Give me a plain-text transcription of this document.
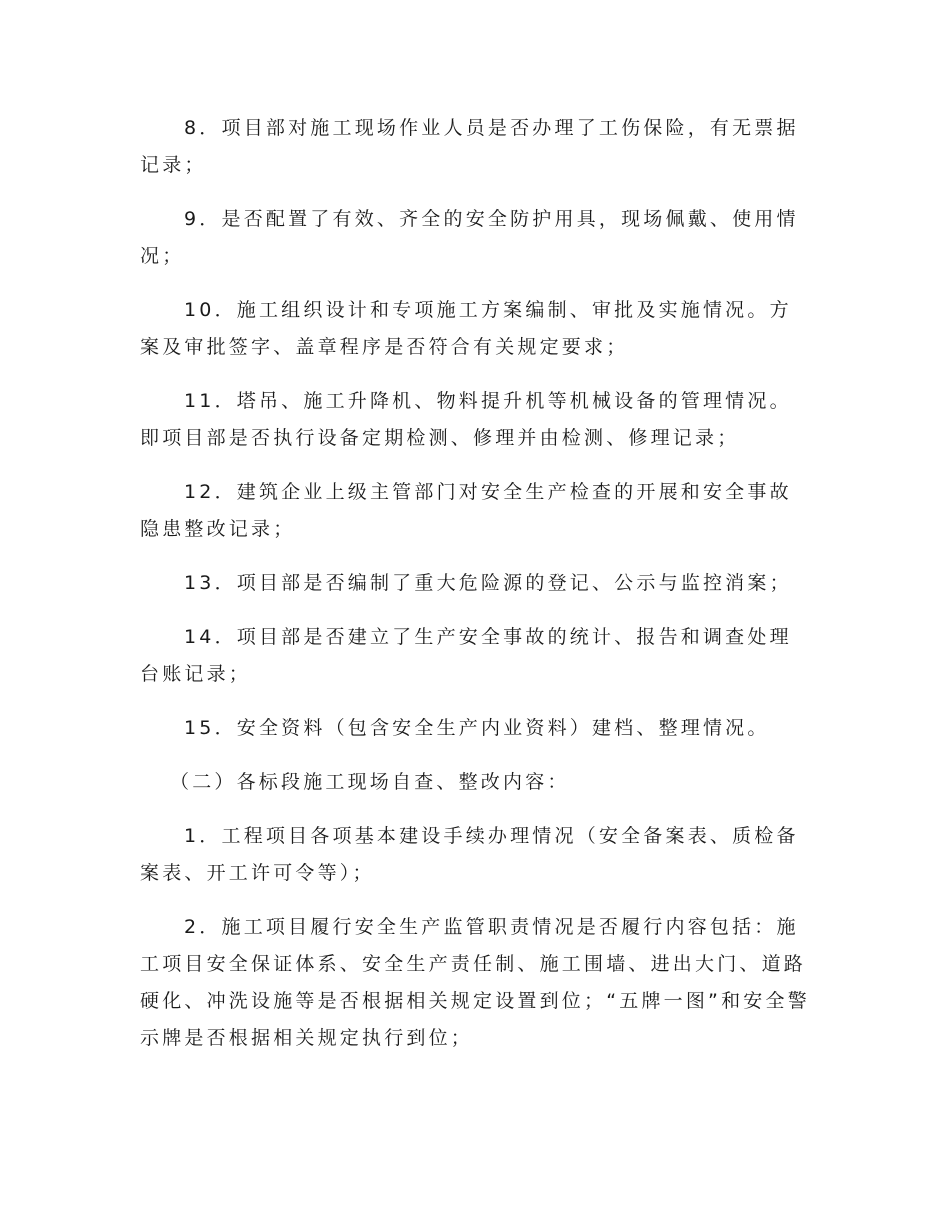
8．项目部对施工现场作业人员是否办理了工伤保险，有无票据记录；

9．是否配置了有效、齐全的安全防护用具，现场佩戴、使用情况；

10．施工组织设计和专项施工方案编制、审批及实施情况。方案及审批签字、盖章程序是否符合有关规定要求；

11．塔吊、施工升降机、物料提升机等机械设备的管理情况。即项目部是否执行设备定期检测、修理并由检测、修理记录；

12．建筑企业上级主管部门对安全生产检查的开展和安全事故隐患整改记录；

13．项目部是否编制了重大危险源的登记、公示与监控消案；

14．项目部是否建立了生产安全事故的统计、报告和调查处理台账记录；

15．安全资料（包含安全生产内业资料）建档、整理情况。

（二）各标段施工现场自查、整改内容：

1．工程项目各项基本建设手续办理情况（安全备案表、质检备案表、开工许可令等）；

2．施工项目履行安全生产监管职责情况是否履行内容包括：施工项目安全保证体系、安全生产责任制、施工围墙、进出大门、道路硬化、冲洗设施等是否根据相关规定设置到位；“五牌一图”和安全警示牌是否根据相关规定执行到位；
